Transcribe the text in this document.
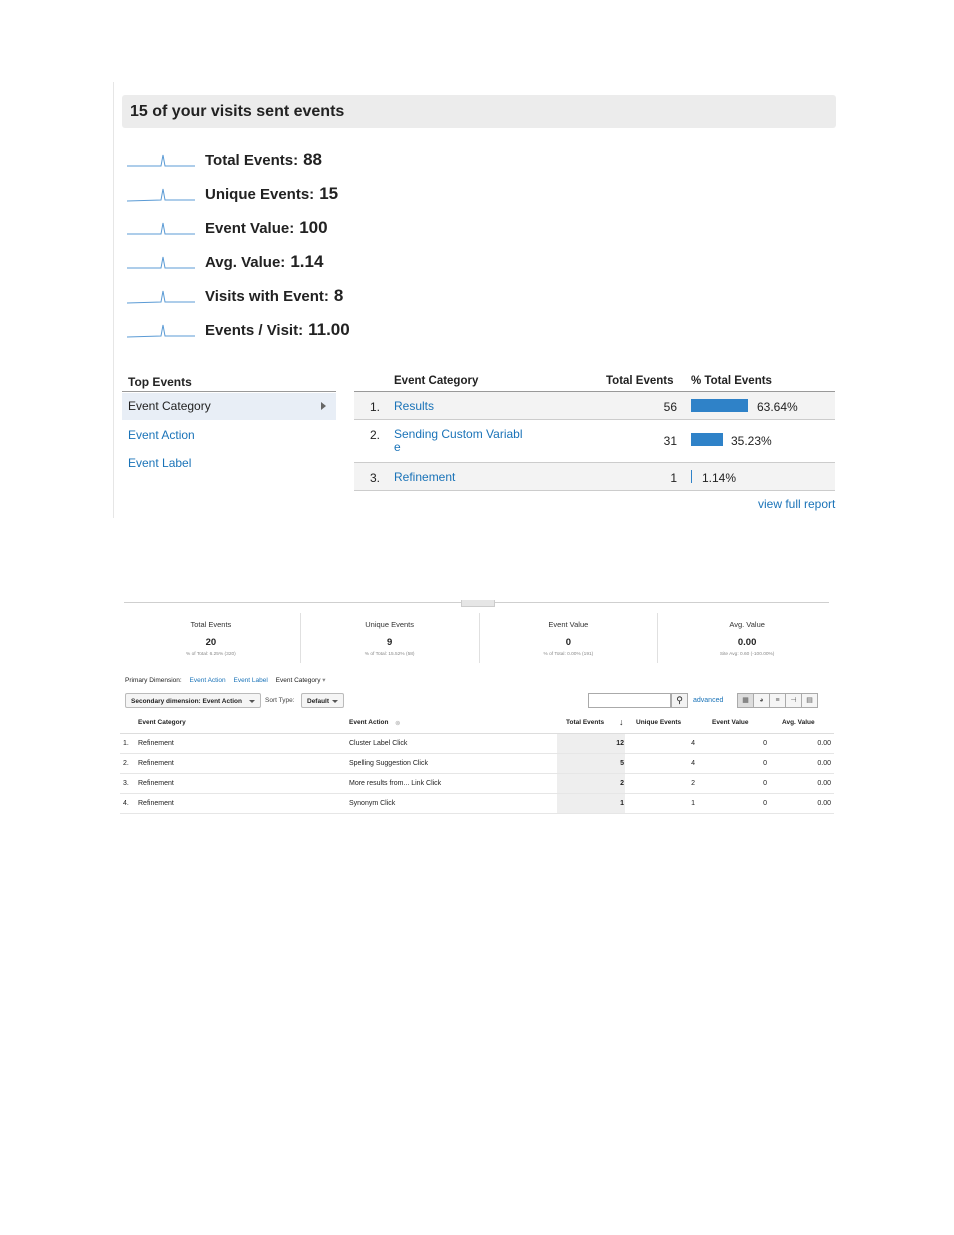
15 of your visits sent events
Total Events: 88
Unique Events: 15
Event Value: 100
Avg. Value: 1.14
Visits with Event: 8
Events / Visit: 11.00
Top Events
Event Category
Event Action
Event Label
Event Category	Total Events % Total Events
1. Results	56	63.64%
2. Sending Custom Variable	31	35.23%
3. Refinement	1 1.14%
view full report
Total Events
20
% of Total: 6.25% (320)
Unique Events
9
% of Total: 15.52% (58)
Event Value
0
% of Total: 0.00% (191)
Avg. Value
0.00
Site Avg: 0.60 (-100.00%)
Primary Dimension: Event Action Event Label Event Category ▾
Secondary dimension: Event Action	Sort Type:	Default	⚲	advanced	▦	◕	≡	⊣	▤
Event Category	Event Action ⊗	Total Events ↓ Unique Events	Event Value	Avg. Value
1. Refinement	Cluster Label Click	12	4	0	0.00
2. Refinement	Spelling Suggestion Click	5	4	0	0.00
3. Refinement	More results from... Link Click	2	2	0	0.00
4. Refinement	Synonym Click	1	1	0	0.00
